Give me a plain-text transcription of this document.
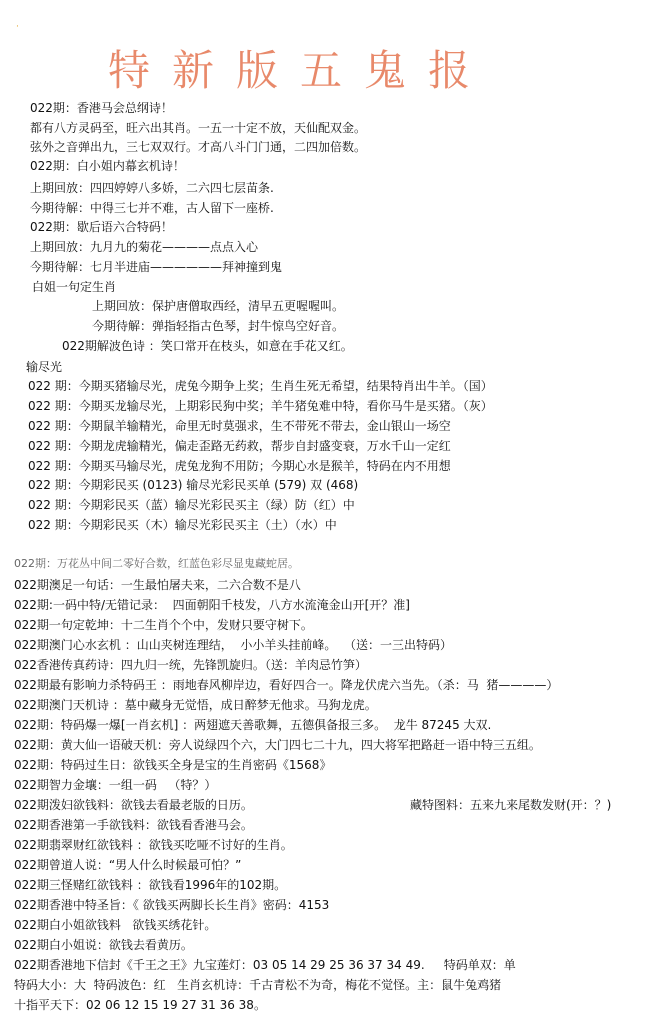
·
特新版五鬼报
022期：香港马会总纲诗！
都有八方灵码至，旺六出其肖。一五一十定不放，天仙配双金。
弦外之音弹出九，三七双双行。才高八斗门门通，二四加倍数。
022期：白小姐内幕玄机诗！
上期回放：四四婷婷八多娇，二六四七层苗条.
今期待解：中得三七并不难，古人留下一座桥.
022期：歇后语六合特码！
上期回放：九月九的菊花————点点入心
今期待解：七月半进庙——————拜神撞到鬼
白姐一句定生肖
上期回放：保护唐僧取西经，清早五更喔喔叫。
今期待解：弹指轻指古色琴，封牛惊鸟空好音。
022期解波色诗 ：笑口常开在枝头，如意在手花又红。
输尽光
022 期：今期买猪输尽光，虎兔今期争上奖；生肖生死无希望，结果特肖出牛羊。（国）
022 期：今期买龙输尽光，上期彩民狗中奖；羊牛猪兔难中特，看你马牛是买猪。（灰）
022 期：今期鼠羊输精光，命里无时莫强求，生不带死不带去，金山银山一场空
022 期：今期龙虎输精光，偏走歪路无药救，帮步自封盛变衰，万水千山一定红
022 期：今期买马输尽光，虎兔龙狗不用防；今期心水是猴羊，特码在内不用想
022 期：今期彩民买 (0123) 输尽光彩民买单 (579) 双 (468)
022 期：今期彩民买（蓝）输尽光彩民买主（绿）防（红）中
022 期：今期彩民买（木）输尽光彩民买主（土）（水）中
022期：万花丛中间二零好合数，红蓝色彩尽显鬼藏蛇居。
022期澳足一句话：一生最怕屠夫来，二六合数不是八
022期:一码中特/无错记录：  四面朝阳千枝发，八方水流淹金山开[开？准]
022期一句定乾坤：十二生肖个个中，发财只要守树下。
022期澳门心水玄机 ：山山夹树连理结，  小小羊头挂前峰。  （送：一三出特码）
022香港传真药诗：四九归一统，先锋凯旋归。（送：羊肉忌竹笋）
022期最有影响力杀特码王 ：雨地春风柳岸边，看好四合一。降龙伏虎六当先。（杀：马  猪————）
022期澳门天机诗 ：墓中藏身无觉悟，成日醉梦无他求。马狗龙虎。
022期：特码爆一爆[一肖玄机] ：两翅遮天善歌舞，五德俱备报三多。  龙牛 87245 大双.
022期：黄大仙一语破天机：旁人说绿四个六，大门四七二十九，四大将军把路赶一语中特三五组。
022期：特码过生日：欲钱买全身是宝的生肖密码《1568》
022期智力金壤：一组一码   （特？）
022期泼妇欲钱料：欲钱去看最老版的日历。	藏特图料：五来九来尾数发财(开：？)
022期香港第一手欲钱料：欲钱看香港马会。
022期翡翠财红欲钱料 ：欲钱买吃哑不讨好的生肖。
022期曾道人说：“男人什么时候最可怕？”
022期三怪赌红欲钱料 ：欲钱看1996年的102期。
022期香港中特圣旨：《 欲钱买两脚长长生肖》密码：4153
022期白小姐欲钱料   欲钱买绣花针。
022期白小姐说：欲钱去看黄历。
022期香港地下信封《千王之王》九宝莲灯：03 05 14 29 25 36 37 34 49.     特码单双：单
特码大小：大  特码波色：红   生肖玄机诗：千古青松不为奇，梅花不觉怪。主：鼠牛兔鸡猪
十指平天下：02 06 12 15 19 27 31 36 38。
